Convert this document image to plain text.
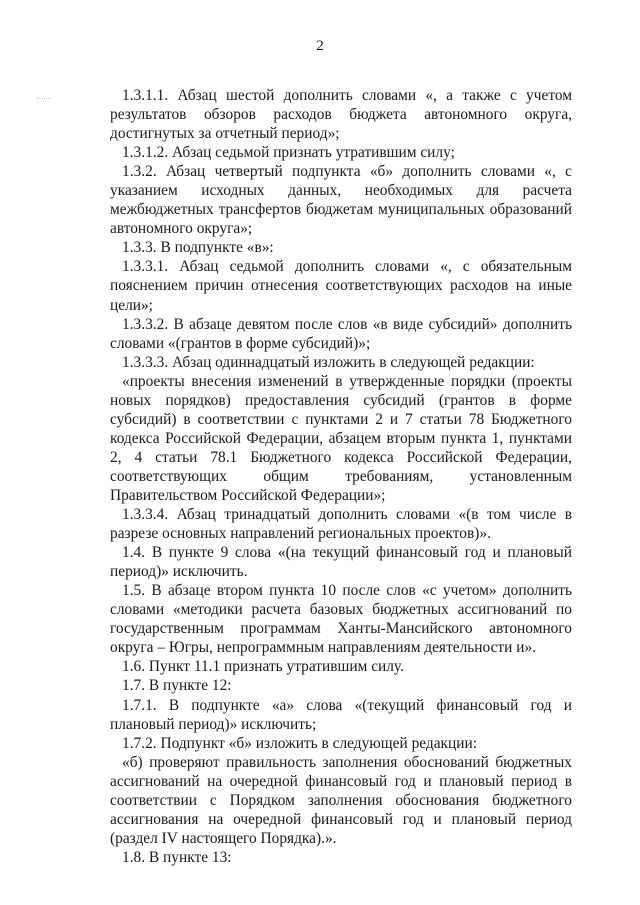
2

1.3.1.1. Абзац шестой дополнить словами «, а также с учетом результатов обзоров расходов бюджета автономного округа, достигнутых за отчетный период»;

1.3.1.2. Абзац седьмой признать утратившим силу;

1.3.2. Абзац четвертый подпункта «б» дополнить словами «, с указанием исходных данных, необходимых для расчета межбюджетных трансфертов бюджетам муниципальных образований автономного округа»;

1.3.3. В подпункте «в»:

1.3.3.1. Абзац седьмой дополнить словами «, с обязательным пояснением причин отнесения соответствующих расходов на иные цели»;

1.3.3.2. В абзаце девятом после слов «в виде субсидий» дополнить словами «(грантов в форме субсидий)»;

1.3.3.3. Абзац одиннадцатый изложить в следующей редакции:

«проекты внесения изменений в утвержденные порядки (проекты новых порядков) предоставления субсидий (грантов в форме субсидий) в соответствии с пунктами 2 и 7 статьи 78 Бюджетного кодекса Российской Федерации, абзацем вторым пункта 1, пунктами 2, 4 статьи 78.1 Бюджетного кодекса Российской Федерации, соответствующих общим требованиям, установленным Правительством Российской Федерации»;

1.3.3.4. Абзац тринадцатый дополнить словами «(в том числе в разрезе основных направлений региональных проектов)».

1.4. В пункте 9 слова «(на текущий финансовый год и плановый период)» исключить.

1.5. В абзаце втором пункта 10 после слов «с учетом» дополнить словами «методики расчета базовых бюджетных ассигнований по государственным программам Ханты-Мансийского автономного округа – Югры, непрограммным направлениям деятельности и».

1.6. Пункт 11.1 признать утратившим силу.

1.7. В пункте 12:

1.7.1. В подпункте «а» слова «(текущий финансовый год и плановый период)» исключить;

1.7.2. Подпункт «б» изложить в следующей редакции:

«б) проверяют правильность заполнения обоснований бюджетных ассигнований на очередной финансовый год и плановый период в соответствии с Порядком заполнения обоснования бюджетного ассигнования на очередной финансовый год и плановый период (раздел IV настоящего Порядка).».

1.8. В пункте 13:
